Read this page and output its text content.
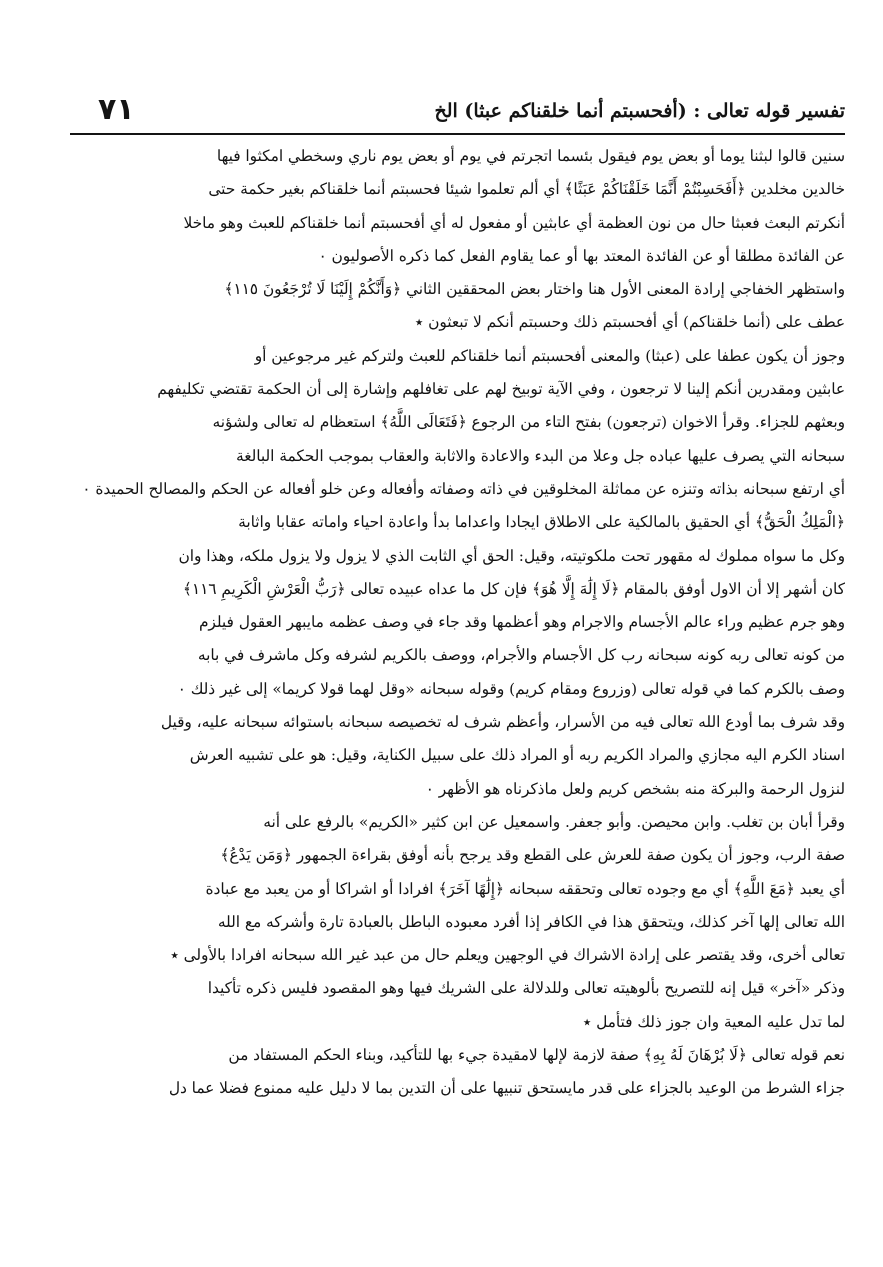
٧١	تفسير قوله تعالى : (أفحسبتم أنما خلقناكم عبثا) الخ
سنين قالوا لبثنا يوما أو بعض يوم فيقول بئسما اتجرتم في يوم أو بعض يوم ناري وسخطي امكثوا فيها
خالدين مخلدين ﴿أَفَحَسِبْتُمْ أَنَّمَا خَلَقْنَاكُمْ عَبَثًا﴾ أي ألم تعلموا شيئا فحسبتم أنما خلقناكم بغير حكمة حتى
أنكرتم البعث فعبثا حال من نون العظمة أي عابثين أو مفعول له أي أفحسبتم أنما خلقناكم للعبث وهو ماخلا
عن الفائدة مطلقا أو عن الفائدة المعتد بها أو عما يقاوم الفعل كما ذكره الأصوليون ٠
واستظهر الخفاجي إرادة المعنى الأول هنا واختار بعض المحققين الثاني ﴿وَأَنَّكُمْ إِلَيْنَا لَا تُرْجَعُونَ ١١٥﴾
عطف على (أنما خلقناكم) أي أفحسبتم ذلك وحسبتم أنكم لا تبعثون ٭
وجوز أن يكون عطفا على (عبثا) والمعنى أفحسبتم أنما خلقناكم للعبث ولتركم غير مرجوعين أو
عابثين ومقدرين أنكم إلينا لا ترجعون ، وفي الآية توبيخ لهم على تغافلهم وإشارة إلى أن الحكمة تقتضي تكليفهم
وبعثهم للجزاء. وقرأ الاخوان (ترجعون) بفتح التاء من الرجوع ﴿فَتَعَالَى اللَّهُ﴾ استعظام له تعالى ولشؤنه
سبحانه التي يصرف عليها عباده جل وعلا من البدء والاعادة والاثابة والعقاب بموجب الحكمة البالغة
أي ارتفع سبحانه بذاته وتنزه عن مماثلة المخلوقين في ذاته وصفاته وأفعاله وعن خلو أفعاله عن الحكم والمصالح الحميدة ٠
﴿الْمَلِكُ الْحَقُّ﴾ أي الحقيق بالمالكية على الاطلاق ايجادا واعداما بدأ واعادة احياء واماته عقابا واثابة
وكل ما سواه مملوك له مقهور تحت ملكوتيته، وقيل: الحق أي الثابت الذي لا يزول ولا يزول ملكه، وهذا وان
كان أشهر إلا أن الاول أوفق بالمقام ﴿لَا إِلَٰهَ إِلَّا هُوَ﴾ فإن كل ما عداه عبيده تعالى ﴿رَبُّ الْعَرْشِ الْكَرِيمِ ١١٦﴾
وهو جرم عظيم وراء عالم الأجسام والاجرام وهو أعظمها وقد جاء في وصف عظمه مايبهر العقول فيلزم
من كونه تعالى ربه كونه سبحانه رب كل الأجسام والأجرام، ووصف بالكريم لشرفه وكل ماشرف في بابه
وصف بالكرم كما في قوله تعالى (وزروع ومقام كريم) وقوله سبحانه «وقل لهما قولا كريما» إلى غير ذلك ٠
وقد شرف بما أودع الله تعالى فيه من الأسرار، وأعظم شرف له تخصيصه سبحانه باستوائه سبحانه عليه، وقيل
اسناد الكرم اليه مجازي والمراد الكريم ربه أو المراد ذلك على سبيل الكناية، وقيل: هو على تشبيه العرش
لنزول الرحمة والبركة منه بشخص كريم ولعل ماذكرناه هو الأظهر ٠
وقرأ أبان بن تغلب. وابن محيصن. وأبو جعفر. واسمعيل عن ابن كثير «الكريم» بالرفع على أنه
صفة الرب، وجوز أن يكون صفة للعرش على القطع وقد يرجح بأنه أوفق بقراءة الجمهور ﴿وَمَن يَدْعُ﴾
أي يعبد ﴿مَعَ اللَّهِ﴾ أي مع وجوده تعالى وتحققه سبحانه ﴿إِلَٰهًا آخَرَ﴾ افرادا أو اشراكا أو من يعبد مع عبادة
الله تعالى إلها آخر كذلك، ويتحقق هذا في الكافر إذا أفرد معبوده الباطل بالعبادة تارة وأشركه مع الله
تعالى أخرى، وقد يقتصر على إرادة الاشراك في الوجهين ويعلم حال من عبد غير الله سبحانه افرادا بالأولى ٭
وذكر «آخر» قيل إنه للتصريح بألوهيته تعالى وللدلالة على الشريك فيها وهو المقصود فليس ذكره تأكيدا
لما تدل عليه المعية وان جوز ذلك فتأمل ٭
نعم قوله تعالى ﴿لَا بُرْهَانَ لَهُ بِهِ﴾ صفة لازمة لإلها لامقيدة جيء بها للتأكيد، وبناء الحكم المستفاد من
جزاء الشرط من الوعيد بالجزاء على قدر مايستحق تنبيها على أن التدين بما لا دليل عليه ممنوع فضلا عما دل
